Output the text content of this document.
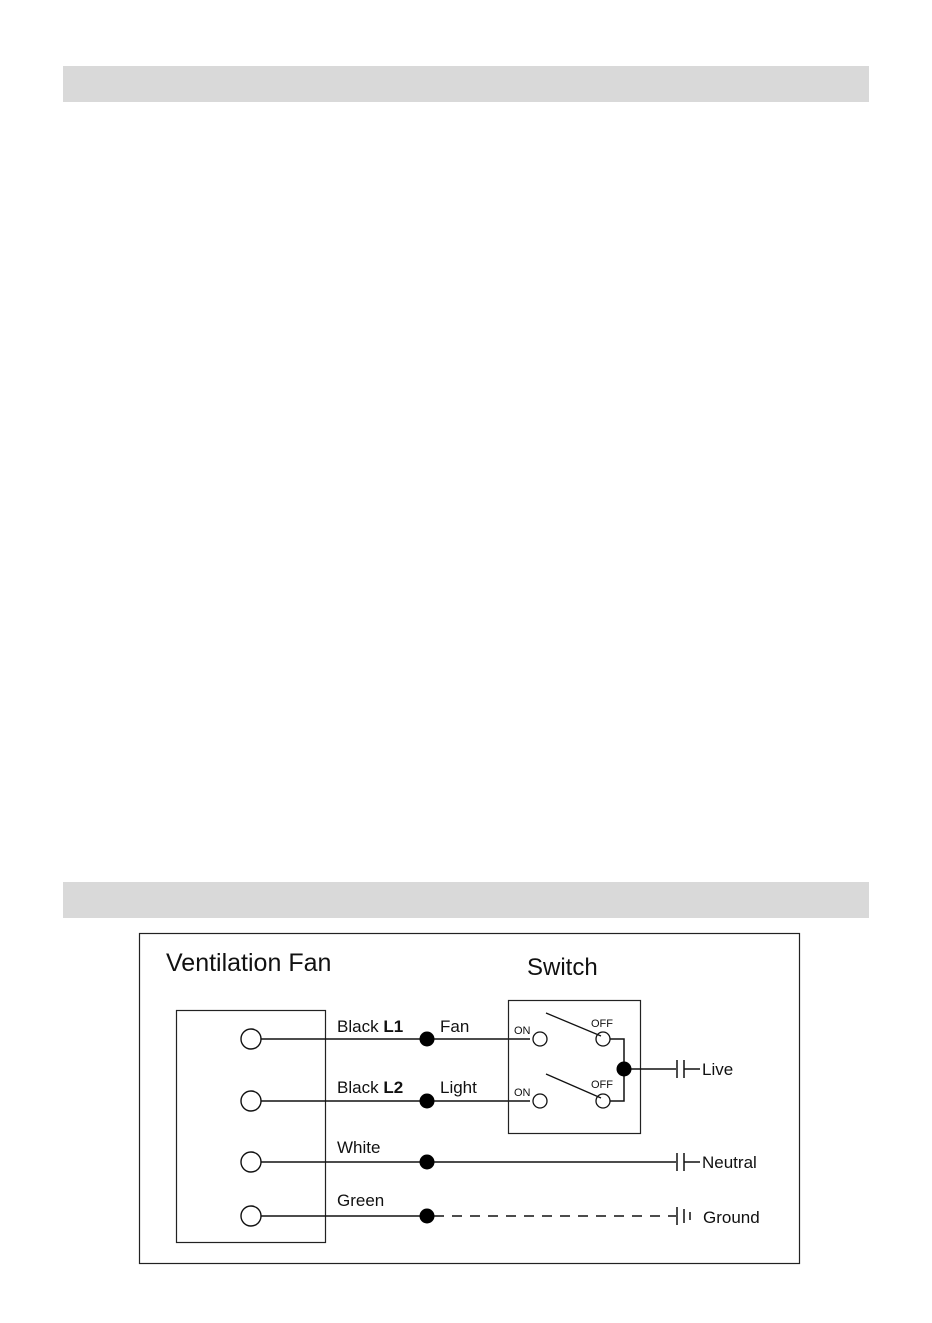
Ventilation Fan	Switch
Black L1
Black L2
White
Green
Fan
Light
ON
OFF
ON
OFF
Live
Neutral
Ground
